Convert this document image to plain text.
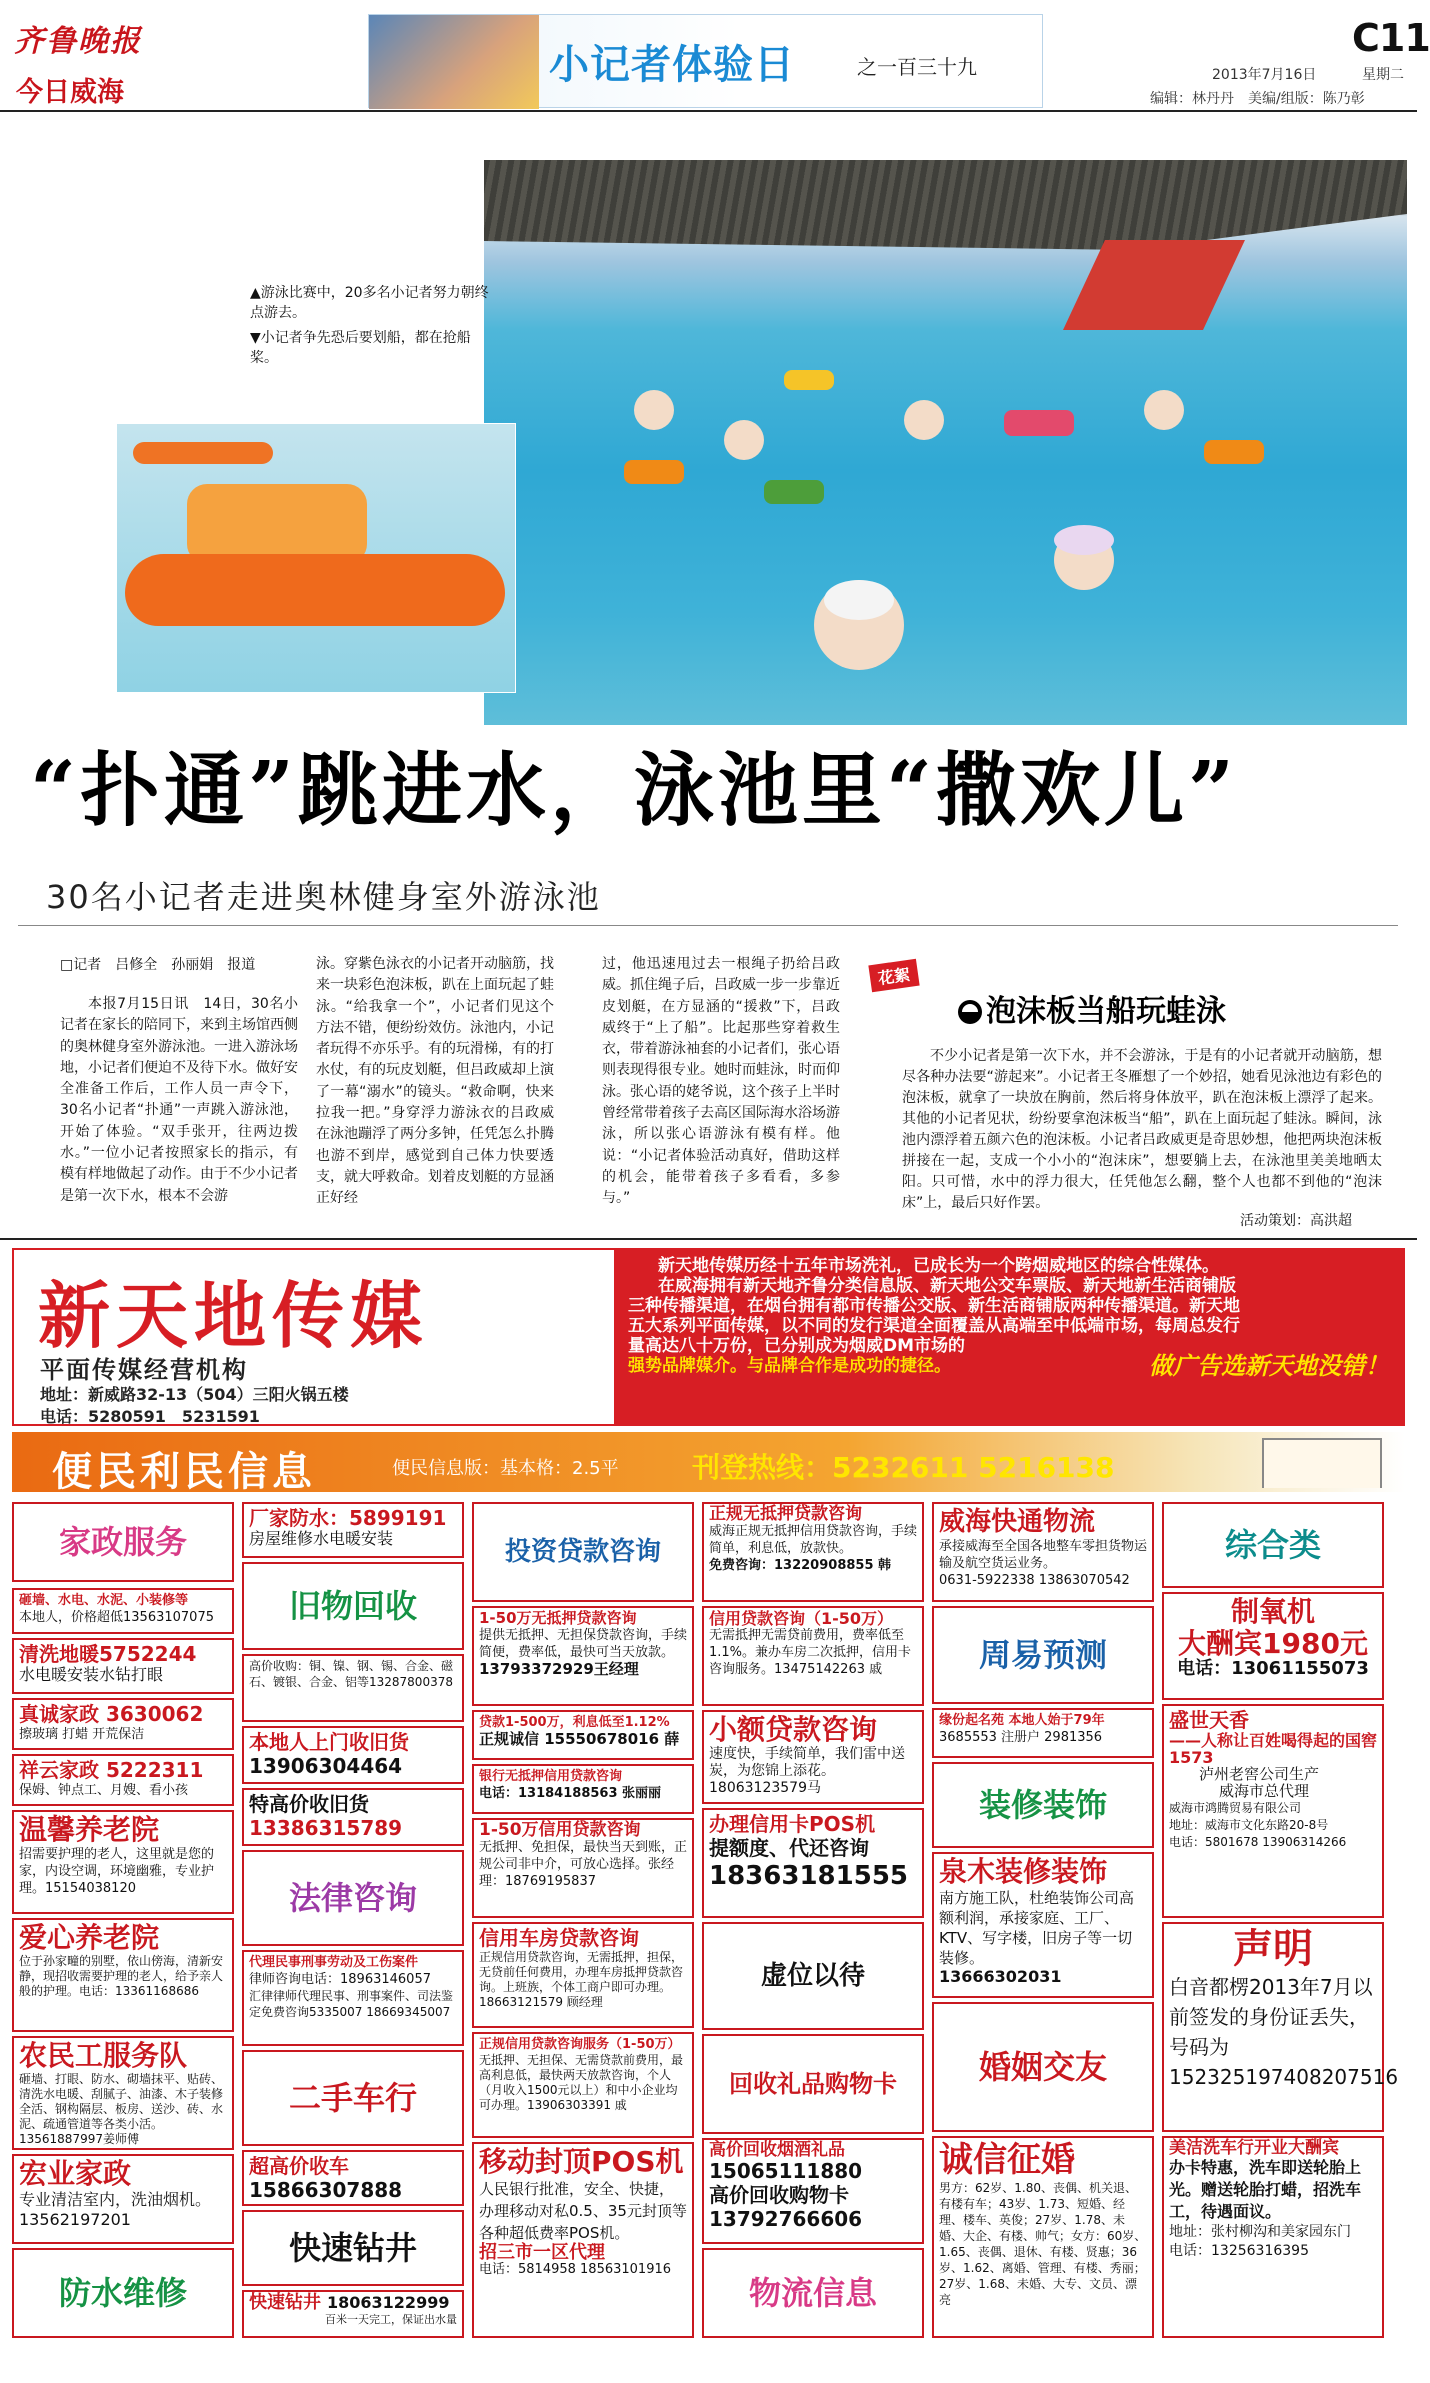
齐鲁晚报
今日威海
小记者体验日	之一百三十九
C11
2013年7月16日	星期二
编辑：林丹丹　美编/组版：陈乃彰
▲游泳比赛中，20多名小记者努力朝终点游去。
▼小记者争先恐后要划船，都在抢船桨。
“扑通”跳进水，泳池里“撒欢儿”
30名小记者走进奥林健身室外游泳池
□记者　吕修全　孙丽娟　报道
本报7月15日讯　14日，30名小记者在家长的陪同下，来到主场馆西侧的奥林健身室外游泳池。一进入游泳场地，小记者们便迫不及待下水。做好安全准备工作后，工作人员一声令下，30名小记者“扑通”一声跳入游泳池，开始了体验。“双手张开，往两边拨水。”一位小记者按照家长的指示，有模有样地做起了动作。由于不少小记者是第一次下水，根本不会游
泳。穿紫色泳衣的小记者开动脑筋，找来一块彩色泡沫板，趴在上面玩起了蛙泳。“给我拿一个”，小记者们见这个方法不错，便纷纷效仿。泳池内，小记者玩得不亦乐乎。有的玩滑梯，有的打水仗，有的玩皮划艇，但吕政威却上演了一幕“溺水”的镜头。“救命啊，快来拉我一把。”身穿浮力游泳衣的吕政威在泳池蹦浮了两分多钟，任凭怎么扑腾也游不到岸，感觉到自己体力快要透支，就大呼救命。划着皮划艇的方显涵正好经
过，他迅速甩过去一根绳子扔给吕政威。抓住绳子后，吕政威一步一步靠近皮划艇，在方显涵的“援救”下，吕政威终于“上了船”。比起那些穿着救生衣，带着游泳袖套的小记者们，张心语则表现得很专业。她时而蛙泳，时而仰泳。张心语的姥爷说，这个孩子上半时曾经常带着孩子去高区国际海水浴场游泳，所以张心语游泳有模有样。他说：“小记者体验活动真好，借助这样的机会，能带着孩子多看看，多参与。”
花絮
泡沫板当船玩蛙泳
不少小记者是第一次下水，并不会游泳，于是有的小记者就开动脑筋，想尽各种办法要“游起来”。小记者王冬雁想了一个妙招，她看见泳池边有彩色的泡沫板，就拿了一块放在胸前，然后将身体放平，趴在泡沫板上漂浮了起来。其他的小记者见状，纷纷要拿泡沫板当“船”，趴在上面玩起了蛙泳。瞬间，泳池内漂浮着五颜六色的泡沫板。小记者吕政威更是奇思妙想，他把两块泡沫板拼接在一起，支成一个小小的“泡沫床”，想要躺上去，在泳池里美美地晒太阳。只可惜，水中的浮力很大，任凭他怎么翻，整个人也都不到他的“泡沫床”上，最后只好作罢。
活动策划：高洪超
新天地传媒
平面传媒经营机构
地址：新威路32-13（504）三阳火锅五楼
电话：5280591　5231591
新天地传媒历经十五年市场洗礼，已成长为一个跨烟威地区的综合性媒体。
在威海拥有新天地齐鲁分类信息版、新天地公交车票版、新天地新生活商铺版
三种传播渠道，在烟台拥有都市传播公交版、新生活商铺版两种传播渠道。新天地
五大系列平面传媒，以不同的发行渠道全面覆盖从高端至中低端市场，每周总发行
量高达八十万份，已分别成为烟威DM市场的
强势品牌媒介。与品牌合作是成功的捷径。	做广告选新天地没错！
便民利民信息	便民信息版：基本格：2.5平	刊登热线：5232611 5216138
家政服务
砸墙、水电、水泥、小装修等
本地人，价格超低13563107075
清洗地暖5752244
水电暖安装水钻打眼
真诚家政 3630062
擦玻璃 打蜡 开荒保洁
祥云家政 5222311
保姆、钟点工、月嫂、看小孩
温馨养老院
招需要护理的老人，这里就是您的家，内设空调，环境幽雅，专业护理。15154038120
爱心养老院
位于孙家疃的别墅，依山傍海，清新安静，现招收需要护理的老人，给予亲人般的护理。电话：13361168686
农民工服务队
砸墙、打眼、防水、砌墙抹平、贴砖、清洗水电暖、刮腻子、油漆、木子装修全活、钢构隔层、板房、送沙、砖、水泥、疏通管道等各类小活。13561887997姜师傅
宏业家政
专业清洁室内，洗油烟机。13562197201
防水维修
厂家防水：5899191
房屋维修水电暖安装
旧物回收
高价收购：铜、镍、钢、锡、合金、磁石、镀银、合金、铝等13287800378
本地人上门收旧货
13906304464
特高价收旧货
13386315789
法律咨询
代理民事刑事劳动及工伤案件
律师咨询电话：18963146057
汇律律师代理民事、刑事案件、司法鉴定免费咨询5335007 18669345007
二手车行
超高价收车
15866307888
快速钻井
快速钻井 18063122999
百米一天完工，保证出水量
投资贷款咨询
1-50万无抵押贷款咨询
提供无抵押、无担保贷款咨询，手续简便，费率低，最快可当天放款。
13793372929王经理
贷款1-500万，利息低至1.12%
正规诚信 15550678016 薛
银行无抵押信用贷款咨询
电话：13184188563 张丽丽
1-50万信用贷款咨询
无抵押、免担保，最快当天到账，正规公司非中介，可放心选择。张经理：18769195837
信用车房贷款咨询
正规信用贷款咨询，无需抵押，担保，无贷前任何费用，办理车房抵押贷款咨询。上班族，个体工商户即可办理。18663121579 顾经理
正规信用贷款咨询服务（1-50万）
无抵押、无担保、无需贷款前费用，最高利息低，最快两天放款咨询，个人（月收入1500元以上）和中小企业均可办理。13906303391 戚
移动封顶POS机
人民银行批准，安全、快捷，办理移动对私0.5、35元封顶等各种超低费率POS机。
招三市一区代理
电话：5814958 18563101916
正规无抵押贷款咨询
威海正规无抵押信用贷款咨询，手续简单，利息低，放款快。
免费咨询：13220908855 韩
信用贷款咨询（1-50万）
无需抵押无需贷前费用，费率低至1.1%。兼办车房二次抵押，信用卡咨询服务。13475142263 戚
小额贷款咨询
速度快，手续简单，我们雷中送炭，为您锦上添花。18063123579马
办理信用卡POS机
提额度、代还咨询
18363181555
虚位以待
回收礼品购物卡
高价回收烟酒礼品
15065111880
高价回收购物卡
13792766606
物流信息
威海快通物流
承接威海至全国各地整车零担货物运输及航空货运业务。
0631-5922338 13863070542
周易预测
缘份起名苑 本地人始于79年
3685553 注册户 2981356
装修装饰
泉木装修装饰
南方施工队，杜绝装饰公司高额利润，承接家庭、工厂、KTV、写字楼，旧房子等一切装修。
13666302031
婚姻交友
诚信征婚
男方：62岁、1.80、丧偶、机关退、有楼有车；43岁、1.73、短婚、经理、楼车、英俊；27岁、1.78、未婚、大企、有楼、帅气；女方：60岁、1.65、丧偶、退休、有楼、贤惠；36岁、1.62、离婚、管理、有楼、秀丽；27岁、1.68、未婚、大专、文员、漂亮
综合类
制氧机
大酬宾1980元
电话：13061155073
盛世天香
——人称让百姓喝得起的国窖1573
泸州老窖公司生产
威海市总代理
威海市鸿腾贸易有限公司
地址：威海市文化东路20-8号
电话：5801678 13906314266
声明
白音都楞2013年7月以前签发的身份证丢失，号码为152325197408207516
美洁洗车行开业大酬宾
办卡特惠，洗车即送轮胎上光。赠送轮胎打蜡，招洗车工，待遇面议。
地址：张村柳沟和美家园东门　电话：13256316395
